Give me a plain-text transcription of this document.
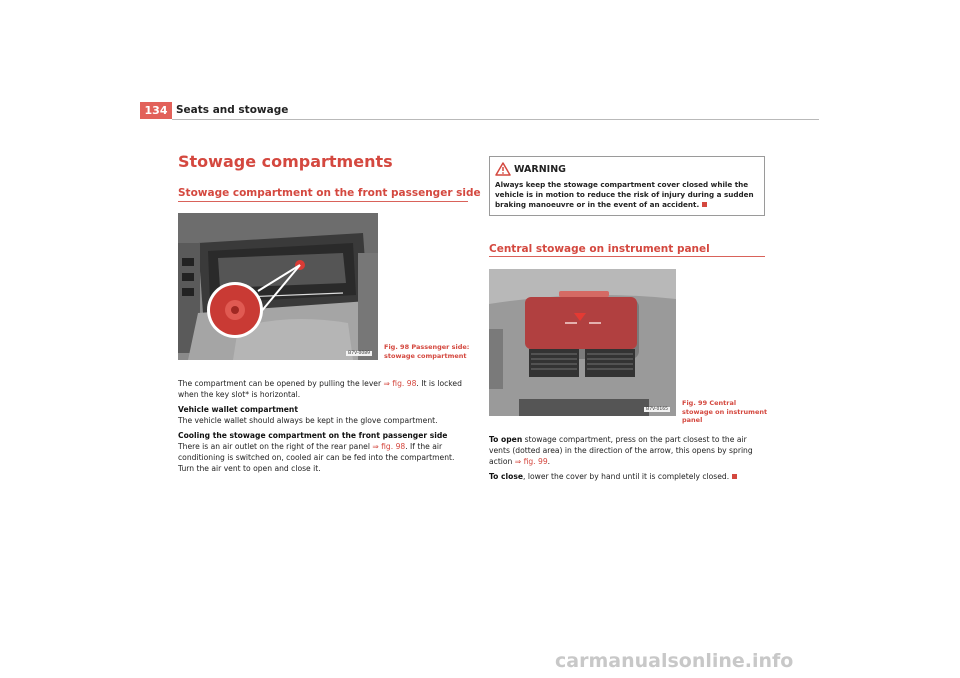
134 Seats and stowage
Stowage compartments
Stowage compartment on the front passenger side
B7V-0089
Fig. 98 Passenger side: stowage compartment

The compartment can be opened by pulling the lever ⇒ fig. 98. It is locked when the key slot* is horizontal.

Vehicle wallet compartment
The vehicle wallet should always be kept in the glove compartment.

Cooling the stowage compartment on the front passenger side
There is an air outlet on the right of the rear panel ⇒ fig. 98. If the air conditioning is switched on, cooled air can be fed into the compartment. Turn the air vent to open and close it.

WARNING
Always keep the stowage compartment cover closed while the vehicle is in motion to reduce the risk of injury during a sudden braking manoeuvre or in the event of an accident.
Central stowage on instrument panel
B7V-0165
Fig. 99 Central stowage on instrument panel

To open stowage compartment, press on the part closest to the air vents (dotted area) in the direction of the arrow, this opens by spring action ⇒ fig. 99.

To close, lower the cover by hand until it is completely closed.

carmanualsonline.info
